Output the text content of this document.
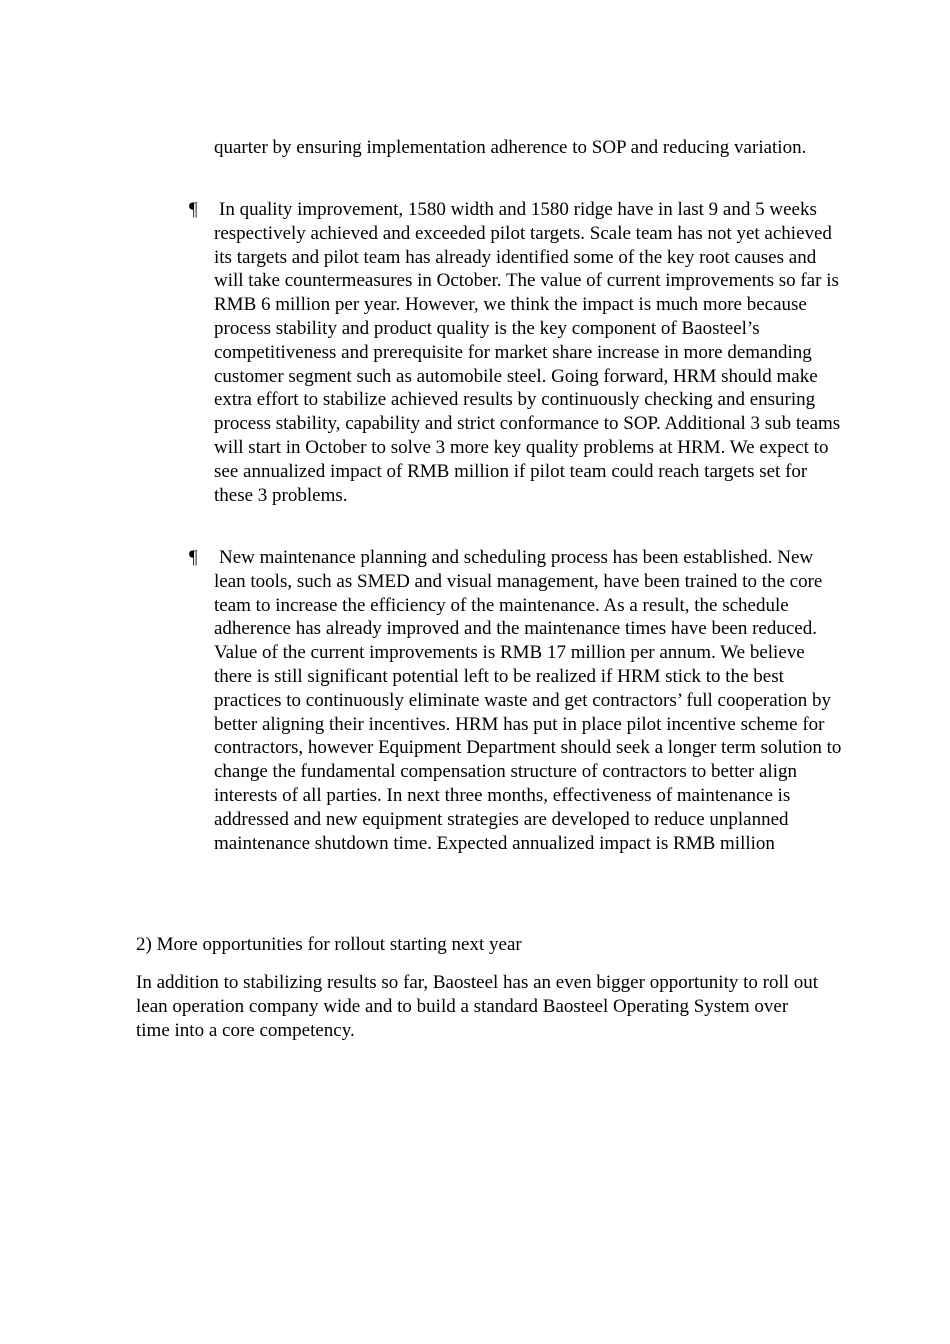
quarter by ensuring implementation adherence to SOP and reducing variation.

¶	In quality improvement, 1580 width and 1580 ridge have in last 9 and 5 weeks respectively achieved and exceeded pilot targets. Scale team has not yet achieved its targets and pilot team has already identified some of the key root causes and will take countermeasures in October. The value of current improvements so far is RMB 6 million per year. However, we think the impact is much more because process stability and product quality is the key component of Baosteel’s competitiveness and prerequisite for market share increase in more demanding customer segment such as automobile steel. Going forward, HRM should make extra effort to stabilize achieved results by continuously checking and ensuring process stability, capability and strict conformance to SOP. Additional 3 sub teams will start in October to solve 3 more key quality problems at HRM. We expect to see annualized impact of RMB million if pilot team could reach targets set for these 3 problems.

¶	New maintenance planning and scheduling process has been established. New lean tools, such as SMED and visual management, have been trained to the core team to increase the efficiency of the maintenance. As a result, the schedule adherence has already improved and the maintenance times have been reduced. Value of the current improvements is RMB 17 million per annum. We believe there is still significant potential left to be realized if HRM stick to the best practices to continuously eliminate waste and get contractors’ full cooperation by better aligning their incentives. HRM has put in place pilot incentive scheme for contractors, however Equipment Department should seek a longer term solution to change the fundamental compensation structure of contractors to better align interests of all parties. In next three months, effectiveness of maintenance is addressed and new equipment strategies are developed to reduce unplanned maintenance shutdown time. Expected annualized impact is RMB million

2) More opportunities for rollout starting next year

In addition to stabilizing results so far, Baosteel has an even bigger opportunity to roll out lean operation company wide and to build a standard Baosteel Operating System over time into a core competency.
